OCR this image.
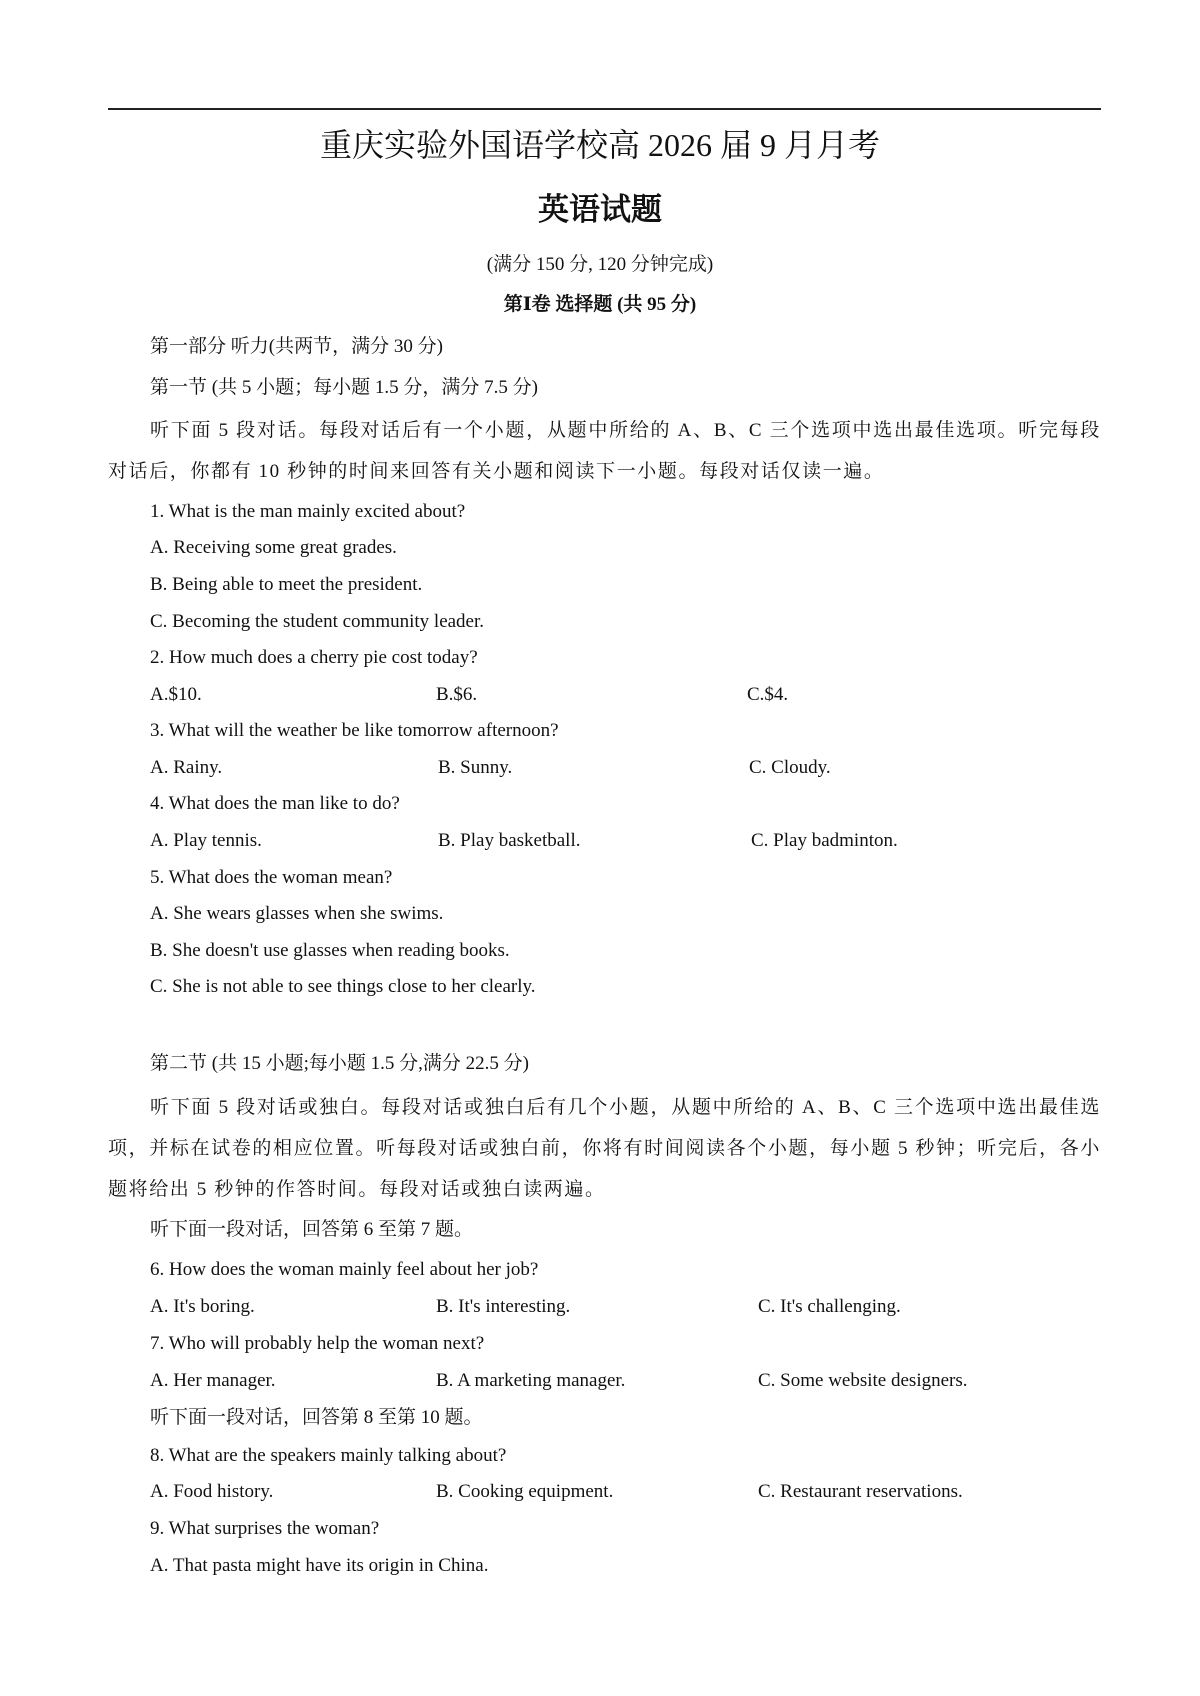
重庆实验外国语学校高 2026 届 9 月月考
英语试题
(满分 150 分, 120 分钟完成)
第Ⅰ卷 选择题 (共 95 分)
第一部分 听力(共两节，满分 30 分)
第一节 (共 5 小题；每小题 1.5 分，满分 7.5 分)
听下面 5 段对话。每段对话后有一个小题，从题中所给的 A、B、C 三个选项中选出最佳选项。听完每段对话后，你都有 10 秒钟的时间来回答有关小题和阅读下一小题。每段对话仅读一遍。
1. What is the man mainly excited about?
A. Receiving some great grades.
B. Being able to meet the president.
C. Becoming the student community leader.
2. How much does a cherry pie cost today?
A.$10.	B.$6.	C.$4.
3. What will the weather be like tomorrow afternoon?
A. Rainy.	B. Sunny.	C. Cloudy.
4. What does the man like to do?
A. Play tennis.	B. Play basketball.	C. Play badminton.
5. What does the woman mean?
A. She wears glasses when she swims.
B. She doesn't use glasses when reading books.
C. She is not able to see things close to her clearly.
第二节 (共 15 小题;每小题 1.5 分,满分 22.5 分)
听下面 5 段对话或独白。每段对话或独白后有几个小题，从题中所给的 A、B、C 三个选项中选出最佳选项，并标在试卷的相应位置。听每段对话或独白前，你将有时间阅读各个小题，每小题 5 秒钟；听完后，各小题将给出 5 秒钟的作答时间。每段对话或独白读两遍。
听下面一段对话，回答第 6 至第 7 题。
6. How does the woman mainly feel about her job?
A. It's boring.	B. It's interesting.	C. It's challenging.
7. Who will probably help the woman next?
A. Her manager.	B. A marketing manager.	C. Some website designers.
听下面一段对话，回答第 8 至第 10 题。
8. What are the speakers mainly talking about?
A. Food history.	B. Cooking equipment.	C. Restaurant reservations.
9. What surprises the woman?
A. That pasta might have its origin in China.
